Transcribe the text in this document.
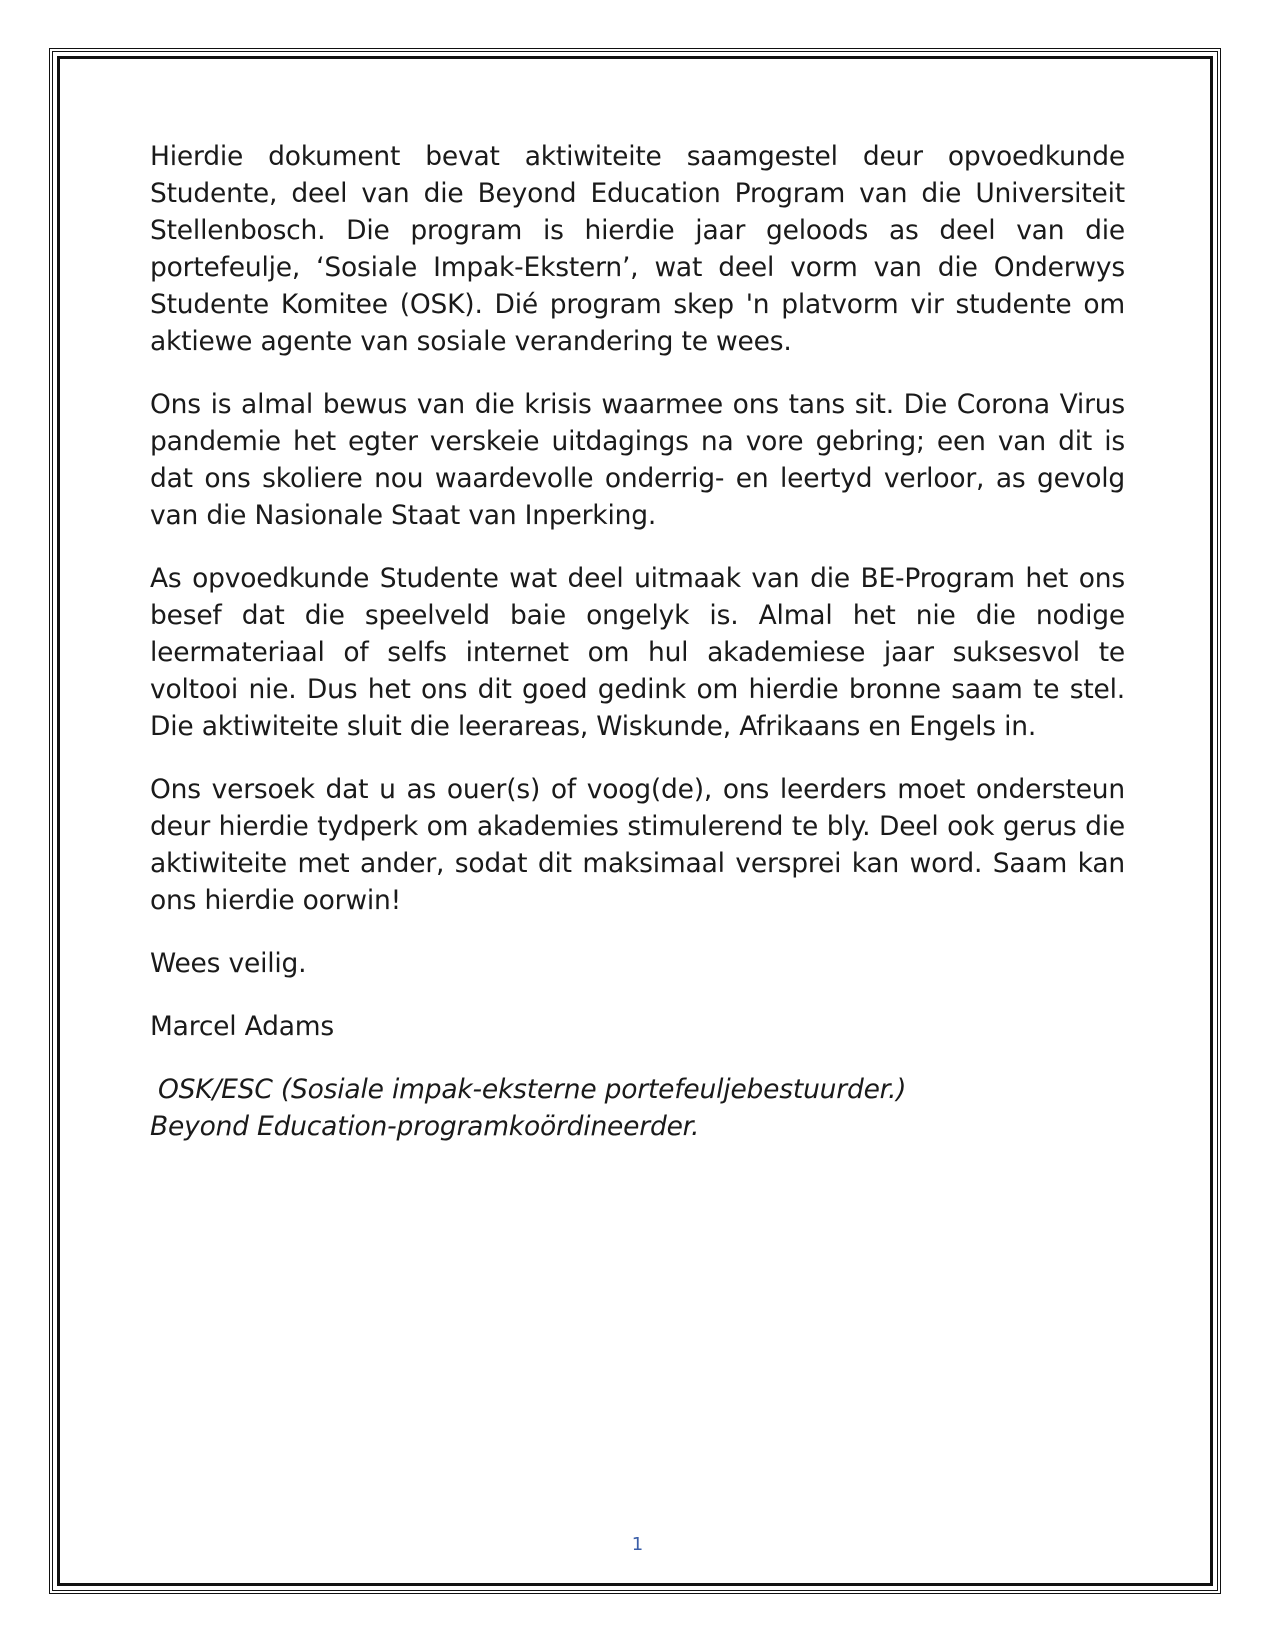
Hierdie dokument bevat aktiwiteite saamgestel deur opvoedkunde Studente, deel van die Beyond Education Program van die Universiteit Stellenbosch. Die program is hierdie jaar geloods as deel van die portefeulje, ‘Sosiale Impak-Ekstern’, wat deel vorm van die Onderwys Studente Komitee (OSK). Dié program skep 'n platvorm vir studente om aktiewe agente van sosiale verandering te wees.

Ons is almal bewus van die krisis waarmee ons tans sit. Die Corona Virus pandemie het egter verskeie uitdagings na vore gebring; een van dit is dat ons skoliere nou waardevolle onderrig- en leertyd verloor, as gevolg van die Nasionale Staat van Inperking.

As opvoedkunde Studente wat deel uitmaak van die BE-Program het ons besef dat die speelveld baie ongelyk is. Almal het nie die nodige leermateriaal of selfs internet om hul akademiese jaar suksesvol te voltooi nie. Dus het ons dit goed gedink om hierdie bronne saam te stel. Die aktiwiteite sluit die leerareas, Wiskunde, Afrikaans en Engels in.

Ons versoek dat u as ouer(s) of voog(de), ons leerders moet ondersteun deur hierdie tydperk om akademies stimulerend te bly. Deel ook gerus die aktiwiteite met ander, sodat dit maksimaal versprei kan word. Saam kan ons hierdie oorwin!

Wees veilig.

Marcel Adams

OSK/ESC (Sosiale impak-eksterne portefeuljebestuurder.)

Beyond Education-programkoördineerder.

1
